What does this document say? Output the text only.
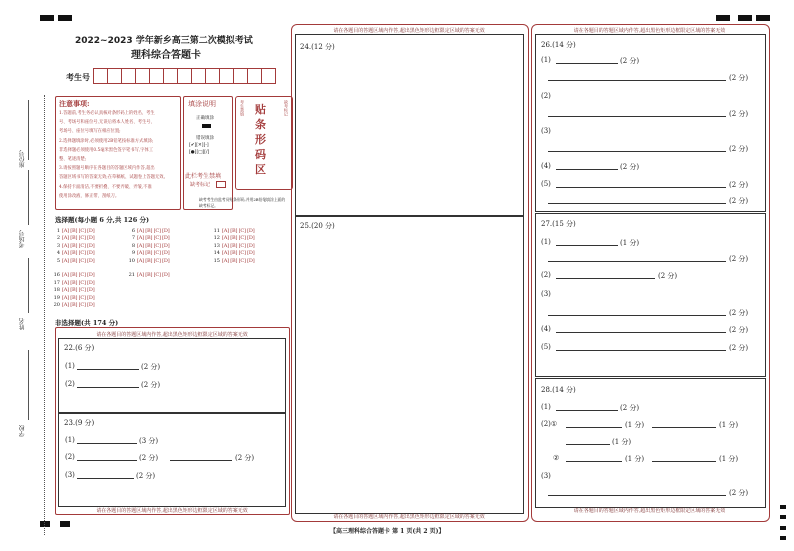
座位号
考场号
姓名
学校
2022~2023 学年新乡高三第二次模拟考试
理科综合答题卡
考生号
注意事项:
1.答题前,考生务必认真核对条形码上的姓名、考生
号、考场号和座位号,无误后将本人姓名、考生号、
考场号、座位号填写在相应位置;
2.选择题填涂时,必须使用2B铅笔按标准方式填涂;
非选择题必须使用0.5毫米黑色签字笔书写,字体工
整、笔迹清楚;
3.请按照题号顺序在各题目的答题区域内作答,超出
答题区域书写的答案无效;在草稿纸、试题卷上答题无效。
4.保持卡面清洁,不要折叠、不要弄破、弄皱,不准
使用涂改液、修正带、刮纸刀。
填涂说明
正确填涂
错误填涂
[✔][✕][-]
[●][□][/]
贴
条
形
码
区
考生禁填	缺考标记
此栏考生禁填
缺考标记
缺考考生由监考员贴条形码,并用2B铅笔填涂上面的缺考标记。
选择题(每小题 6 分,共 126 分)
1 [A] [B] [C] [D]
2 [A] [B] [C] [D]
3 [A] [B] [C] [D]
4 [A] [B] [C] [D]
5 [A] [B] [C] [D]
16 [A] [B] [C] [D]
17 [A] [B] [C] [D]
18 [A] [B] [C] [D]
19 [A] [B] [C] [D]
20 [A] [B] [C] [D]
6 [A] [B] [C] [D]
7 [A] [B] [C] [D]
8 [A] [B] [C] [D]
9 [A] [B] [C] [D]
10 [A] [B] [C] [D]
21 [A] [B] [C] [D]
11 [A] [B] [C] [D]
12 [A] [B] [C] [D]
13 [A] [B] [C] [D]
14 [A] [B] [C] [D]
15 [A] [B] [C] [D]
非选择题(共 174 分)
请在各题目的答题区域内作答,超出黑色矩形边框限定区域的答案无效
22.(6 分)
(1)	(2 分)
(2)	(2 分)
23.(9 分)
(1)	(3 分)
(2)	(2 分)	(2 分)
(3)	(2 分)
请在各题目的答题区域内作答,超出黑色矩形边框限定区域的答案无效
请在各题目的答题区域内作答,超出黑色矩形边框限定区域的答案无效
24.(12 分)
25.(20 分)
请在各题目的答题区域内作答,超出黑色矩形边框限定区域的答案无效
请在各题目的答题区域内作答,超出黑色矩形边框限定区域的答案无效
26.(14 分)
(1)	(2 分)
(2 分)
(2)
(2 分)
(3)
(2 分)
(4)	(2 分)
(5)	(2 分)
(2 分)
27.(15 分)
(1)	(1 分)
(2 分)
(2)	(2 分)
(3)
(2 分)
(4)	(2 分)
(5)	(2 分)
28.(14 分)
(1)	(2 分)
(2)①	(1 分)	(1 分)
(1 分)
②	(1 分)	(1 分)
(3)
(2 分)
请在各题目的答题区域内作答,超出黑色矩形边框限定区域的答案无效
【高三理科综合答题卡 第 1 页(共 2 页)】
